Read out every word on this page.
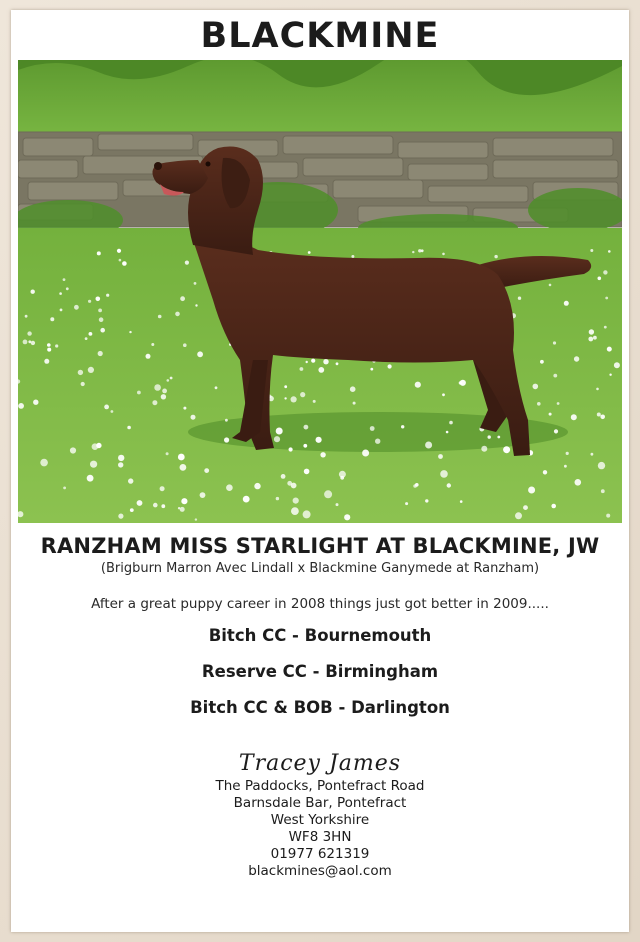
BLACKMINE
RANZHAM MISS STARLIGHT AT BLACKMINE, JW
(Brigburn Marron Avec Lindall x Blackmine Ganymede at Ranzham)
After a great puppy career in 2008 things just got better in 2009.....
Bitch CC - Bournemouth
Reserve CC - Birmingham
Bitch CC & BOB - Darlington
Tracey James
The Paddocks, Pontefract Road
Barnsdale Bar, Pontefract
West Yorkshire
WF8 3HN
01977 621319
blackmines@aol.com
